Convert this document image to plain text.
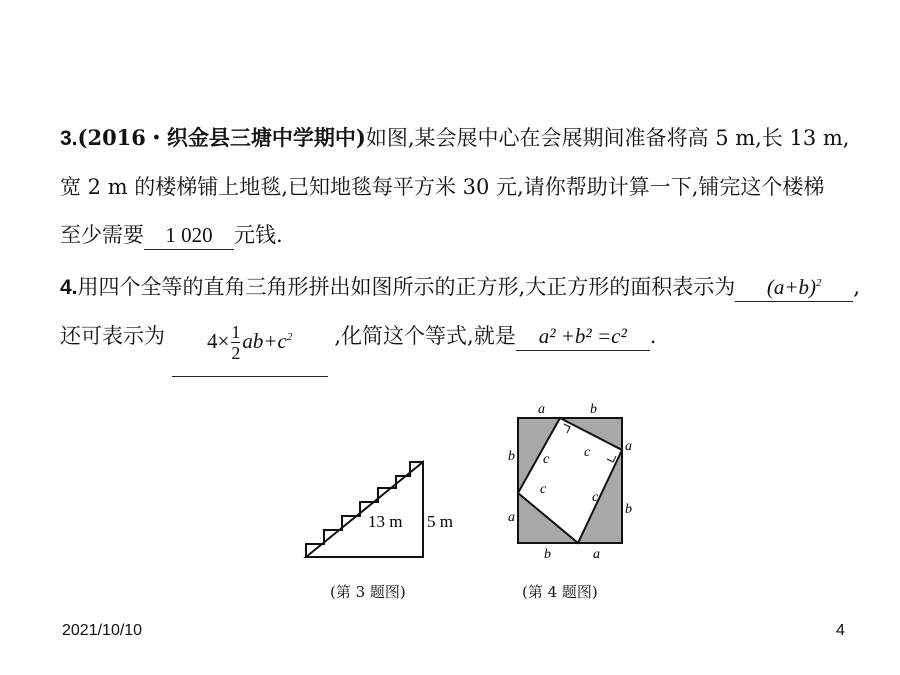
3.(2016・织金县三塘中学期中)如图,某会展中心在会展期间准备将高 5 m,长 13 m,
宽 2 m 的楼梯铺上地毯,已知地毯每平方米 30 元,请你帮助计算一下,铺完这个楼梯
至少需要 1 020 元钱.
4.用四个全等的直角三角形拼出如图所示的正方形,大正方形的面积表示为 $(a+b)^2$ ,
还可表示为 $4\times \frac{1}{2} ab+c^2$ ,化简这个等式,就是 a² +b² =c² .
13 m 5 m
(第 3 题图)
a	b
a
b
a
b
a
b c c
c
c
(第 4 题图)
2021/10/10	4
